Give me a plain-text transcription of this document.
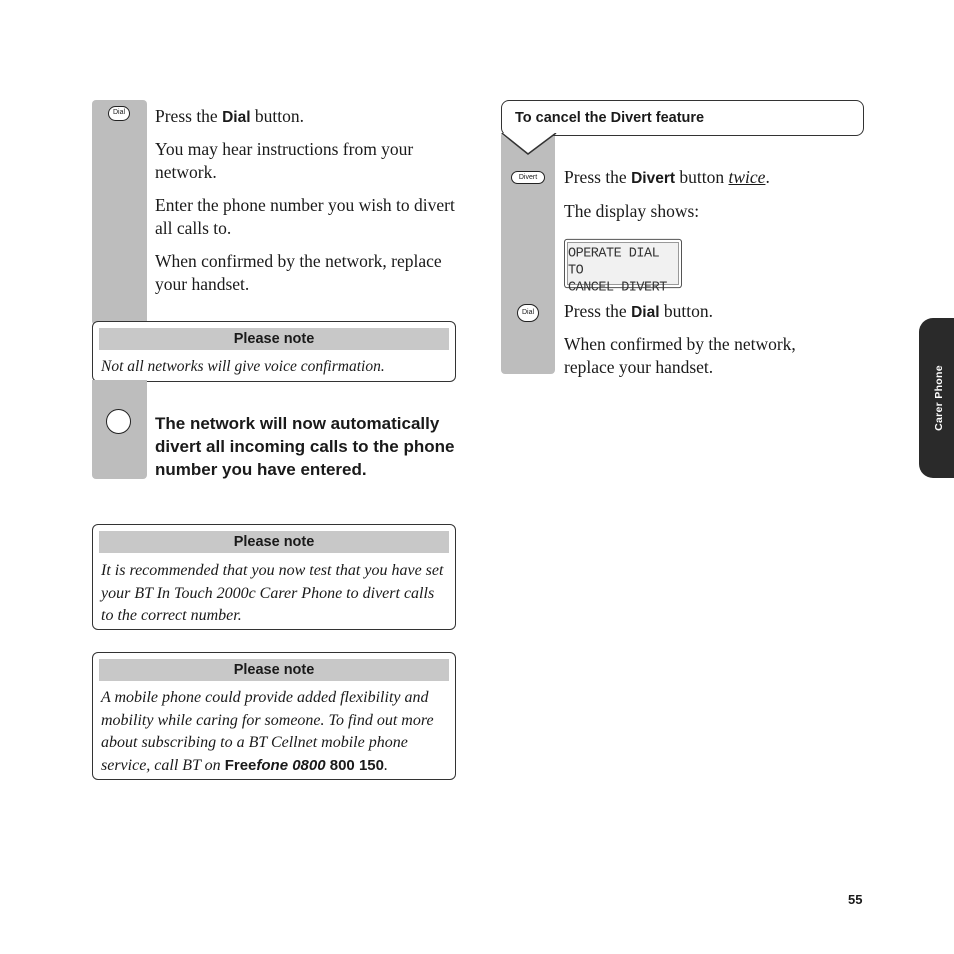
Dial Press the Dial button.

You may hear instructions from your network.

Enter the phone number you wish to divert all calls to.

When confirmed by the network, replace your handset.

Please note
Not all networks will give voice confirmation.

The network will now automatically divert all incoming calls to the phone number you have entered.

Please note
It is recommended that you now test that you have set your BT In Touch 2000c Carer Phone to divert calls to the correct number.
Please note
A mobile phone could provide added flexibility and mobility while caring for someone. To find out more about subscribing to a BT Cellnet mobile phone service, call BT on Freefone 0800 800 150.
To cancel the Divert feature
Divert	Press the Divert button twice.

The display shows:

OPERATE DIAL TO
CANCEL DIVERT
Dial Press the Dial button.

When confirmed by the network, replace your handset.	Carer Phone
55
